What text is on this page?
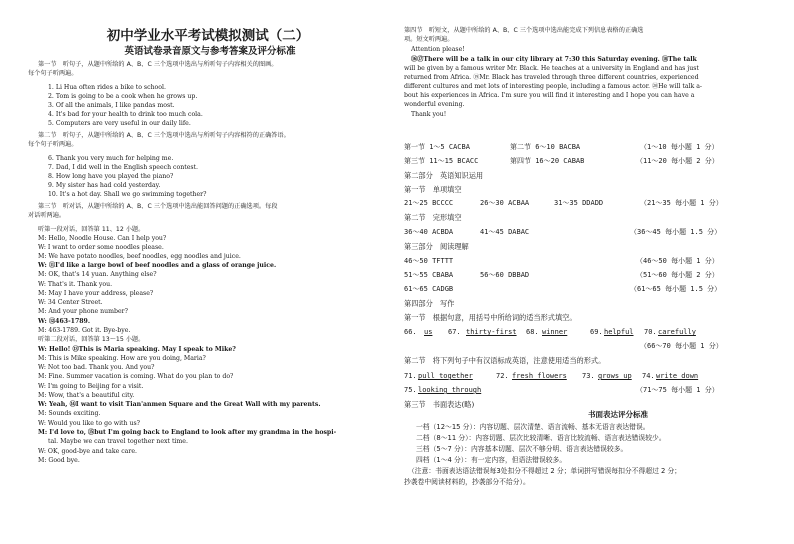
初中学业水平考试模拟测试（二）
英语试卷录音原文与参考答案及评分标准
第一节　听句子，从题中所给的 A、B、C 三个选项中选出与所听句子内容相关的图画。
每个句子听两遍。
1. Li Hua often rides a bike to school.
2. Tom is going to be a cook when he grows up.
3. Of all the animals, I like pandas most.
4. It's bad for your health to drink too much cola.
5. Computers are very useful in our daily life.
第二节　听句子，从题中所给的 A、B、C 三个选项中选出与所听句子内容相符的正确答语。
每个句子听两遍。
6. Thank you very much for helping me.
7. Dad, I did well in the English speech contest.
8. How long have you played the piano?
9. My sister has had cold yesterday.
10. It's a hot day. Shall we go swimming together?
第三节　听对话，从题中所给的 A、B、C 三个选项中选出能回答问题的正确选项。每段
对话听两遍。
听第一段对话，回答第 11、12 小题。
M: Hello, Noodle House. Can I help you?
W: I want to order some noodles please.
M: We have potato noodles, beef noodles, egg noodles and juice.
W: ⑪I'd like a large bowl of beef noodles and a glass of orange juice.
M: OK, that's 14 yuan. Anything else?
W: That's it. Thank you.
M: May I have your address, please?
W: 34 Center Street.
M: And your phone number?
W: ⑫463-1789.
M: 463-1789. Got it. Bye-bye.
听第二段对话，回答第 13～15 小题。
W: Hello! ⑬This is Maria speaking. May I speak to Mike?
M: This is Mike speaking. How are you doing, Maria?
W: Not too bad. Thank you. And you?
M: Fine. Summer vacation is coming. What do you plan to do?
W: I'm going to Beijing for a visit.
M: Wow, that's a beautiful city.
W: Yeah, ⑭I want to visit Tian'anmen Square and the Great Wall with my parents.
M: Sounds exciting.
W: Would you like to go with us?
M: I'd love to, ⑮but I'm going back to England to look after my grandma in the hospi-
tal. Maybe we can travel together next time.
W: OK, good-bye and take care.
M: Good bye.
第四节　听短文，从题中所给的 A、B、C 三个选项中选出能完成下列信息表格的正确选
项。短文听两遍。
Attention please!
⑯⑰There will be a talk in our city library at 7:30 this Saturday evening. ⑱The talk
will be given by a famous writer Mr. Black. He teaches at a university in England and has just
returned from Africa. ⑲Mr. Black has traveled through three different countries, experienced
different cultures and met lots of interesting people, including a famous actor. ⑳He will talk a-
bout his experiences in Africa. I'm sure you will find it interesting and I hope you can have a
wonderful evening.
Thank you!
第一节 1～5 CACBA	第二节 6～10 BACBA	（1～10 每小题 1 分）
第三节 11～15 BCACC	第四节 16～20 CABAB	（11～20 每小题 2 分）
第二部分　英语知识运用
第一节　单项填空
21～25 BCCCC	26～30 ACBAA	31～35 DDADD	（21～35 每小题 1 分）
第二节　完形填空
36～40 ACBDA	41～45 DABAC	（36～45 每小题 1.5 分）
第三部分　阅读理解
46～50 TFTTT	（46～50 每小题 1 分）
51～55 CBABA	56～60 DBBAD	（51～60 每小题 2 分）
61～65 CADGB	（61～65 每小题 1.5 分）
第四部分　写作
第一节　根据句意，用括号中所给词的适当形式填空。
66. us 67. thirty-first 68. winner	69. helpful 70. carefully
（66～70 每小题 1 分）
第二节　将下列句子中有汉语标成英语，注意使用适当的形式。
71. pull together	72. fresh flowers 73. grows up 74. write down
75. looking through	（71～75 每小题 1 分）
第三节　书面表达(略)
书面表达评分标准
一档（12～15 分）：内容切题、层次清楚、语言流畅、基本无语言表达错误。
二档（8～11 分）：内容切题、层次比较清晰、语言比较流畅、语言表达错误较少。
三档（5～7 分）：内容基本切题、层次不够分明、语言表达错误较多。
四档（1～4 分）：有一定内容，但语法错误较多。
（注意：书面表达语法错误每3处扣分不得超过 2 分；单词拼写错误每扣分不得超过 2 分；
抄袭卷中阅读材料的，抄袭部分不给分）。
